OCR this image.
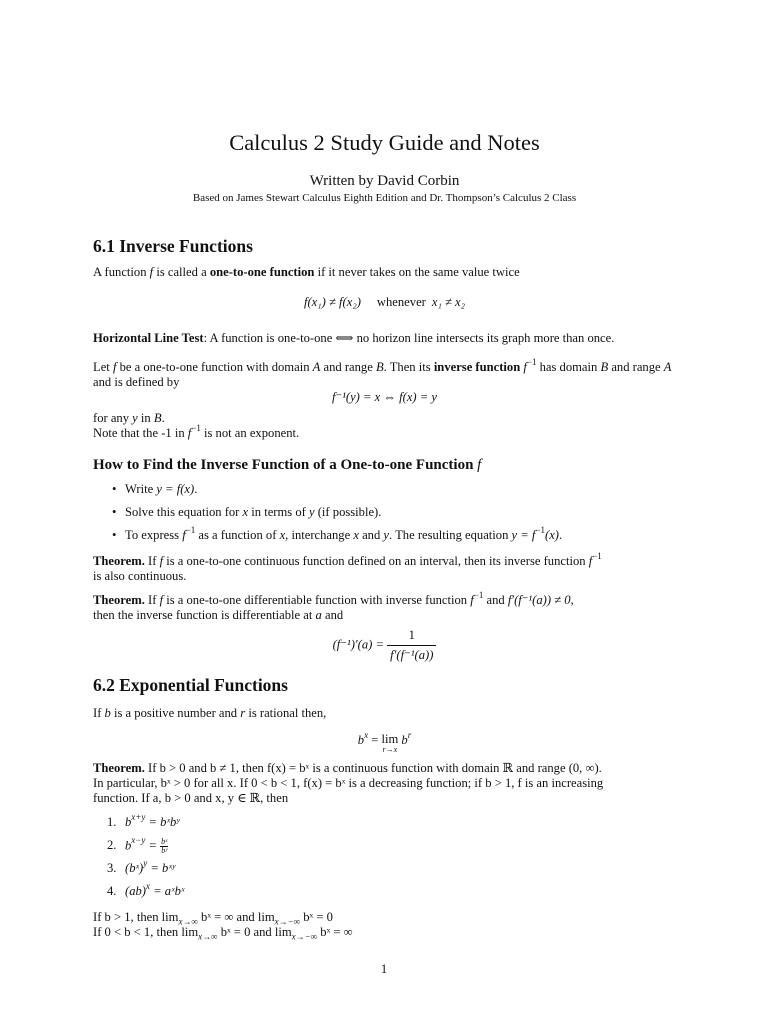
Calculus 2 Study Guide and Notes
Written by David Corbin
Based on James Stewart Calculus Eighth Edition and Dr. Thompson’s Calculus 2 Class
6.1 Inverse Functions
A function f is called a one-to-one function if it never takes on the same value twice
f(x₁) ≠ f(x₂) whenever x₁ ≠ x₂
Horizontal Line Test: A function is one-to-one ⟺ no horizon line intersects its graph more than once.
Let f be a one-to-one function with domain A and range B. Then its inverse function $f^{-1}$ has domain B and range A and is defined by
f⁻¹(y) = x ⇔ f(x) = y
for any y in B.
Note that the -1 in $f^{-1}$ is not an exponent.
How to Find the Inverse Function of a One-to-one Function f
• Write y = f(x).
• Solve this equation for x in terms of y (if possible).
• To express $f^{-1}$ as a function of x, interchange x and y. The resulting equation $y = f^{-1}(x)$.
Theorem. If f is a one-to-one continuous function defined on an interval, then its inverse function $f^{-1}$
is also continuous.
Theorem. If f is a one-to-one differentiable function with inverse function $f^{-1}$ and f′(f⁻¹(a)) ≠ 0,
then the inverse function is differentiable at a and
$(f^{-1})'(a) = \frac{1}{\text{f′(f⁻¹(a))}}$
6.2 Exponential Functions
If b is a positive number and r is rational then,
$b^x = \lim$
r→x
$b^r$
Theorem. If b > 0 and b ≠ 1, then f(x) = bˣ is a continuous function with domain ℝ and range (0, ∞).
In particular, bˣ > 0 for all x. If 0 < b < 1, f(x) = bˣ is a decreasing function; if b > 1, f is an increasing
function. If a, b > 0 and x, y ∈ ℝ, then
1. $b^{x+y}$ = bˣbʸ
2. $b^{x-y} = \frac{\text{bˣ}}{\text{bʸ}}$
3. (bˣ)$^y$ = bˣʸ
4. (ab)$^x$ = aˣbˣ
If b > 1, then $\lim_{x\to\infty}$ bˣ = ∞ and $\lim_{x\to-\infty}$ bˣ = 0
If 0 < b < 1, then $\lim_{x\to\infty}$ bˣ = 0 and $\lim_{x\to-\infty}$ bˣ = ∞
1
